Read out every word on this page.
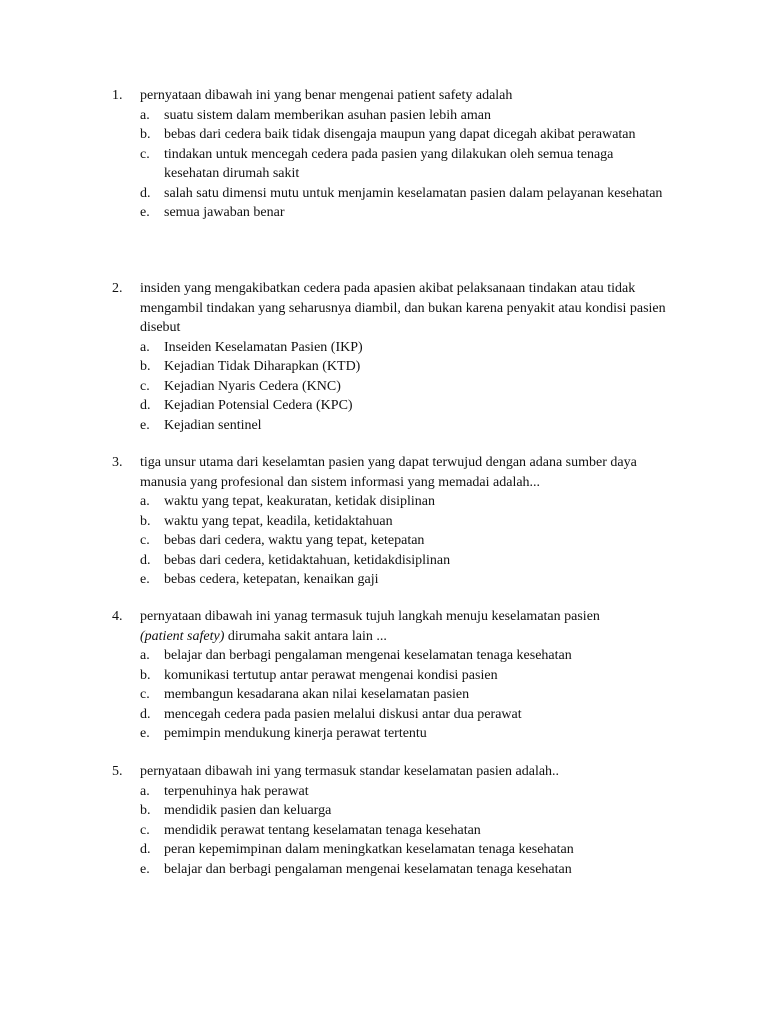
1. pernyataan dibawah ini yang benar mengenai patient safety adalah
a. suatu sistem dalam memberikan asuhan pasien lebih aman
b. bebas dari cedera baik tidak disengaja maupun yang dapat dicegah akibat perawatan
c. tindakan untuk mencegah cedera pada pasien yang dilakukan oleh semua tenaga kesehatan dirumah sakit
d. salah satu dimensi mutu untuk menjamin keselamatan pasien dalam pelayanan kesehatan
e. semua jawaban benar
2. insiden yang mengakibatkan cedera pada apasien akibat pelaksanaan tindakan atau tidak mengambil tindakan yang seharusnya diambil, dan bukan karena penyakit atau kondisi pasien disebut
a. Inseiden Keselamatan Pasien (IKP)
b. Kejadian Tidak Diharapkan (KTD)
c. Kejadian Nyaris Cedera (KNC)
d. Kejadian Potensial Cedera (KPC)
e. Kejadian sentinel
3. tiga unsur utama dari keselamtan pasien yang dapat terwujud dengan adana sumber daya manusia yang profesional dan sistem informasi yang memadai adalah...
a. waktu yang tepat, keakuratan, ketidak disiplinan
b. waktu yang tepat, keadila, ketidaktahuan
c. bebas dari cedera, waktu yang tepat, ketepatan
d. bebas dari cedera, ketidaktahuan, ketidakdisiplinan
e. bebas cedera, ketepatan, kenaikan gaji
4. pernyataan dibawah ini yanag termasuk tujuh langkah menuju keselamatan pasien
(patient safety) dirumaha sakit antara lain ...
a. belajar dan berbagi pengalaman mengenai keselamatan tenaga kesehatan
b. komunikasi tertutup antar perawat mengenai kondisi pasien
c. membangun kesadarana akan nilai keselamatan pasien
d. mencegah cedera pada pasien melalui diskusi antar dua perawat
e. pemimpin mendukung kinerja perawat tertentu
5. pernyataan dibawah ini yang termasuk standar keselamatan pasien adalah..
a. terpenuhinya hak perawat
b. mendidik pasien dan keluarga
c. mendidik perawat tentang keselamatan tenaga kesehatan
d. peran kepemimpinan dalam meningkatkan keselamatan tenaga kesehatan
e. belajar dan berbagi pengalaman mengenai keselamatan tenaga kesehatan
